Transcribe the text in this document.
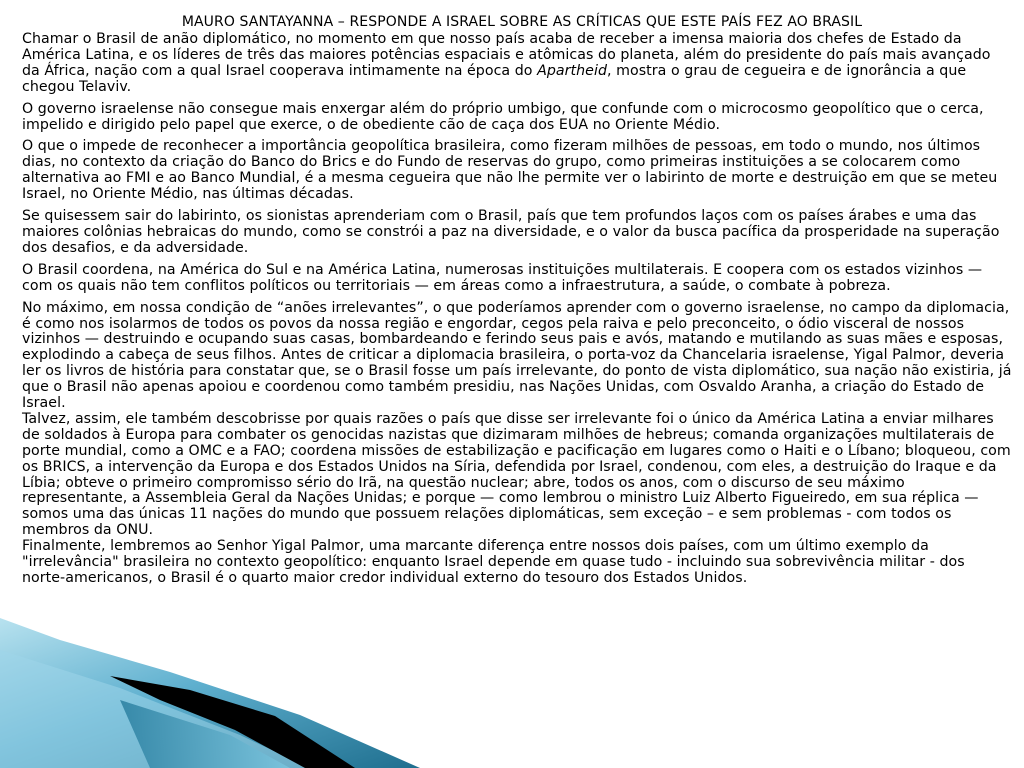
MAURO SANTAYANNA – RESPONDE A ISRAEL SOBRE AS CRÍTICAS QUE ESTE PAÍS FEZ AO BRASIL

Chamar o Brasil de anão diplomático, no momento em que nosso país acaba de receber a imensa maioria dos chefes de Estado da América Latina, e os líderes de três das maiores potências espaciais e atômicas do planeta, além do presidente do país mais avançado da África, nação com a qual Israel cooperava intimamente na época do Apartheid, mostra o grau de cegueira e de ignorância a que chegou Telaviv.

O governo israelense não consegue mais enxergar além do próprio umbigo, que confunde com o microcosmo geopolítico que o cerca, impelido e dirigido pelo papel que exerce, o de obediente cão de caça dos EUA no Oriente Médio.

O que o impede de reconhecer a importância geopolítica brasileira, como fizeram milhões de pessoas, em todo o mundo, nos últimos dias, no contexto da criação do Banco do Brics e do Fundo de reservas do grupo, como primeiras instituições a se colocarem como alternativa ao FMI e ao Banco Mundial, é a mesma cegueira que não lhe permite ver o labirinto de morte e destruição em que se meteu Israel, no Oriente Médio, nas últimas décadas.

Se quisessem sair do labirinto, os sionistas aprenderiam com o Brasil, país que tem profundos laços com os países árabes e uma das maiores colônias hebraicas do mundo, como se constrói a paz na diversidade, e o valor da busca pacífica da prosperidade na superação dos desafios, e da adversidade.

O Brasil coordena, na América do Sul e na América Latina, numerosas instituições multilaterais. E coopera com os estados vizinhos — com os quais não tem conflitos políticos ou territoriais — em áreas como a infraestrutura, a saúde, o combate à pobreza.

No máximo, em nossa condição de “anões irrelevantes”, o que poderíamos aprender com o governo israelense, no campo da diplomacia, é como nos isolarmos de todos os povos da nossa região e engordar, cegos pela raiva e pelo preconceito, o ódio visceral de nossos vizinhos — destruindo e ocupando suas casas, bombardeando e ferindo seus pais e avós, matando e mutilando as suas mães e esposas, explodindo a cabeça de seus filhos. Antes de criticar a diplomacia brasileira, o porta-voz da Chancelaria israelense, Yigal Palmor, deveria ler os livros de história para constatar que, se o Brasil fosse um país irrelevante, do ponto de vista diplomático, sua nação não existiria, já que o Brasil não apenas apoiou e coordenou como também presidiu, nas Nações Unidas, com Osvaldo Aranha, a criação do Estado de Israel.

Talvez, assim, ele também descobrisse por quais razões o país que disse ser irrelevante foi o único da América Latina a enviar milhares de soldados à Europa para combater os genocidas nazistas que dizimaram milhões de hebreus; comanda organizações multilaterais de porte mundial, como a OMC e a FAO; coordena missões de estabilização e pacificação em lugares como o Haiti e o Líbano; bloqueou, com os BRICS, a intervenção da Europa e dos Estados Unidos na Síria, defendida por Israel, condenou, com eles, a destruição do Iraque e da Líbia; obteve o primeiro compromisso sério do Irã, na questão nuclear; abre, todos os anos, com o discurso de seu máximo representante, a Assembleia Geral da Nações Unidas; e porque — como lembrou o ministro Luiz Alberto Figueiredo, em sua réplica — somos uma das únicas 11 nações do mundo que possuem relações diplomáticas, sem exceção – e sem problemas - com todos os membros da ONU.

Finalmente, lembremos ao Senhor Yigal Palmor, uma marcante diferença entre nossos dois países, com um último exemplo da "irrelevância" brasileira no contexto geopolítico: enquanto Israel depende em quase tudo - incluindo sua sobrevivência militar - dos norte-americanos, o Brasil é o quarto maior credor individual externo do tesouro dos Estados Unidos.
